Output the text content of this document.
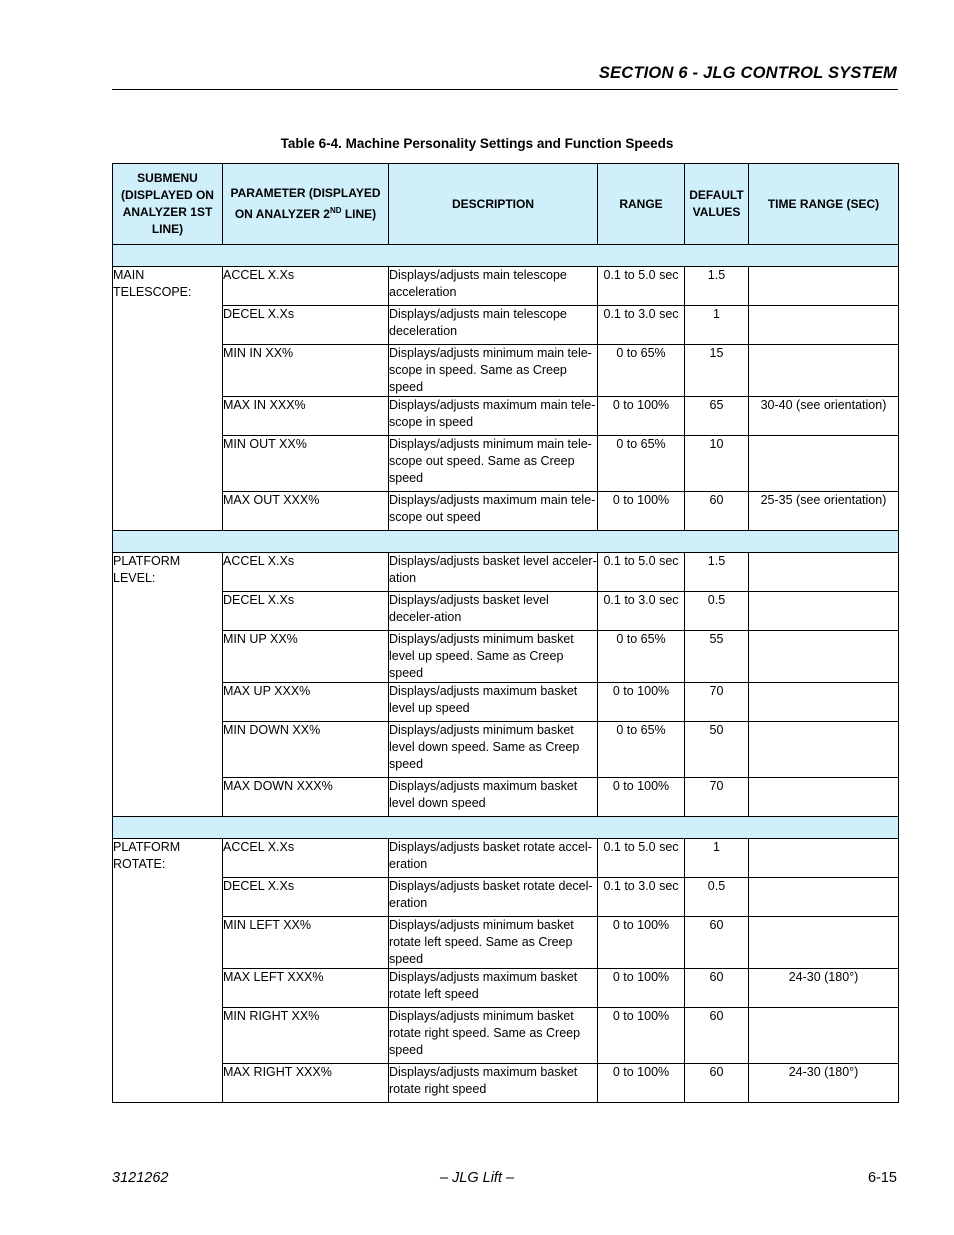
SECTION 6 - JLG CONTROL SYSTEM
Table 6-4. Machine Personality Settings and Function Speeds
SUBMENU (DISPLAYED ON ANALYZER 1ST LINE)	PARAMETER (DISPLAYED ON ANALYZER 2ND LINE)	DESCRIPTION	RANGE	DEFAULT VALUES	TIME RANGE (SEC)

MAIN TELESCOPE:	ACCEL X.Xs	Displays/adjusts main telescope acceleration	0.1 to 5.0 sec	1.5	
	DECEL X.Xs	Displays/adjusts main telescope deceleration	0.1 to 3.0 sec	1	
	MIN IN XX%	Displays/adjusts minimum main tele-scope in speed. Same as Creep speed	0 to 65%	15	
	MAX IN XXX%	Displays/adjusts maximum main tele-scope in speed	0 to 100%	65	30-40 (see orientation)
	MIN OUT XX%	Displays/adjusts minimum main tele-scope out speed. Same as Creep speed	0 to 65%	10	
	MAX OUT XXX%	Displays/adjusts maximum main tele-scope out speed	0 to 100%	60	25-35 (see orientation)

PLATFORM LEVEL:	ACCEL X.Xs	Displays/adjusts basket level acceler-ation	0.1 to 5.0 sec	1.5	
	DECEL X.Xs	Displays/adjusts basket level deceler-ation	0.1 to 3.0 sec	0.5	
	MIN UP XX%	Displays/adjusts minimum basket level up speed. Same as Creep speed	0 to 65%	55	
	MAX UP XXX%	Displays/adjusts maximum basket level up speed	0 to 100%	70	
	MIN DOWN XX%	Displays/adjusts minimum basket level down speed. Same as Creep speed	0 to 65%	50	
	MAX DOWN XXX%	Displays/adjusts maximum basket level down speed	0 to 100%	70	

PLATFORM ROTATE:	ACCEL X.Xs	Displays/adjusts basket rotate accel-eration	0.1 to 5.0 sec	1	
	DECEL X.Xs	Displays/adjusts basket rotate decel-eration	0.1 to 3.0 sec	0.5	
	MIN LEFT XX%	Displays/adjusts minimum basket rotate left speed. Same as Creep speed	0 to 100%	60	
	MAX LEFT XXX%	Displays/adjusts maximum basket rotate left speed	0 to 100%	60	24-30 (180°)
	MIN RIGHT XX%	Displays/adjusts minimum basket rotate right speed. Same as Creep speed	0 to 100%	60	
	MAX RIGHT XXX%	Displays/adjusts maximum basket rotate right speed	0 to 100%	60	24-30 (180°)
3121262	– JLG Lift –	6-15
